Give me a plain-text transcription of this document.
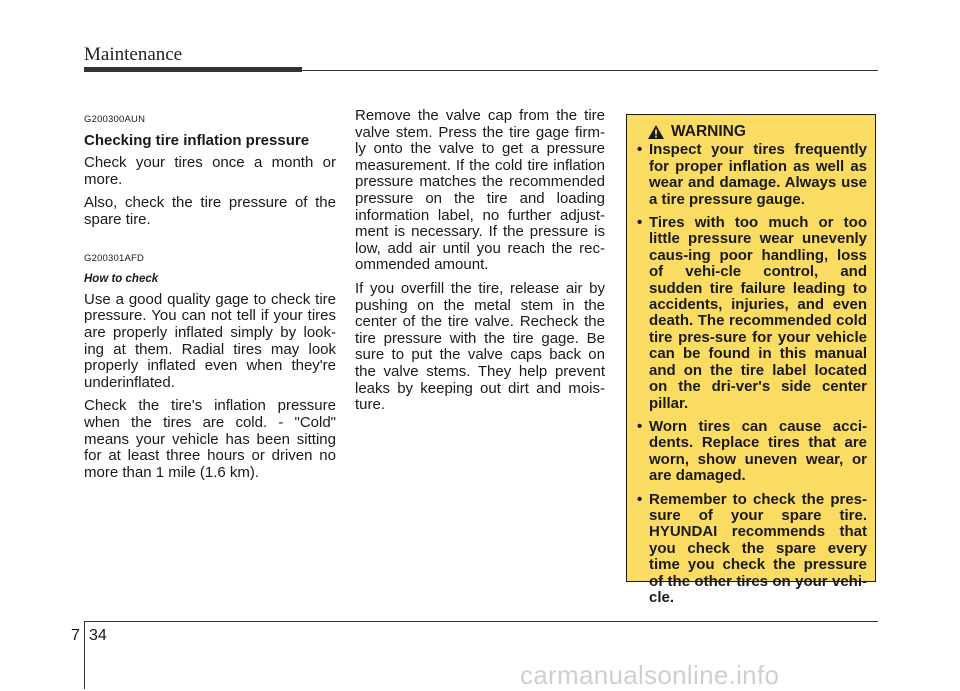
Maintenance
G200300AUN
Checking tire inflation pressure

Check your tires once a month or more.

Also, check the tire pressure of the spare tire.

G200301AFD
How to check

Use a good quality gage to check tire pressure. You can not tell if your tires are properly inflated simply by look-ing at them. Radial tires may look properly inflated even when they're underinflated.

Check the tire's inflation pressure when the tires are cold. - "Cold" means your vehicle has been sitting for at least three hours or driven no more than 1 mile (1.6 km).

Remove the valve cap from the tire valve stem. Press the tire gage firm-ly onto the valve to get a pressure measurement. If the cold tire inflation pressure matches the recommended pressure on the tire and loading information label, no further adjust-ment is necessary. If the pressure is low, add air until you reach the rec-ommended amount.

If you overfill the tire, release air by pushing on the metal stem in the center of the tire valve. Recheck the tire pressure with the tire gage. Be sure to put the valve caps back on the valve stems. They help prevent leaks by keeping out dirt and mois-ture.

WARNING
• Inspect your tires frequently for proper inflation as well as wear and damage. Always use a tire pressure gauge.
• Tires with too much or too little pressure wear unevenly caus-ing poor handling, loss of vehi-cle control, and sudden tire failure leading to accidents, injuries, and even death. The recommended cold tire pres-sure for your vehicle can be found in this manual and on the tire label located on the dri-ver's side center pillar.
• Worn tires can cause acci-dents. Replace tires that are worn, show uneven wear, or are damaged.
• Remember to check the pres-sure of your spare tire. HYUNDAI recommends that you check the spare every time you check the pressure of the other tires on your vehi-cle.
7 34
carmanualsonline.info
